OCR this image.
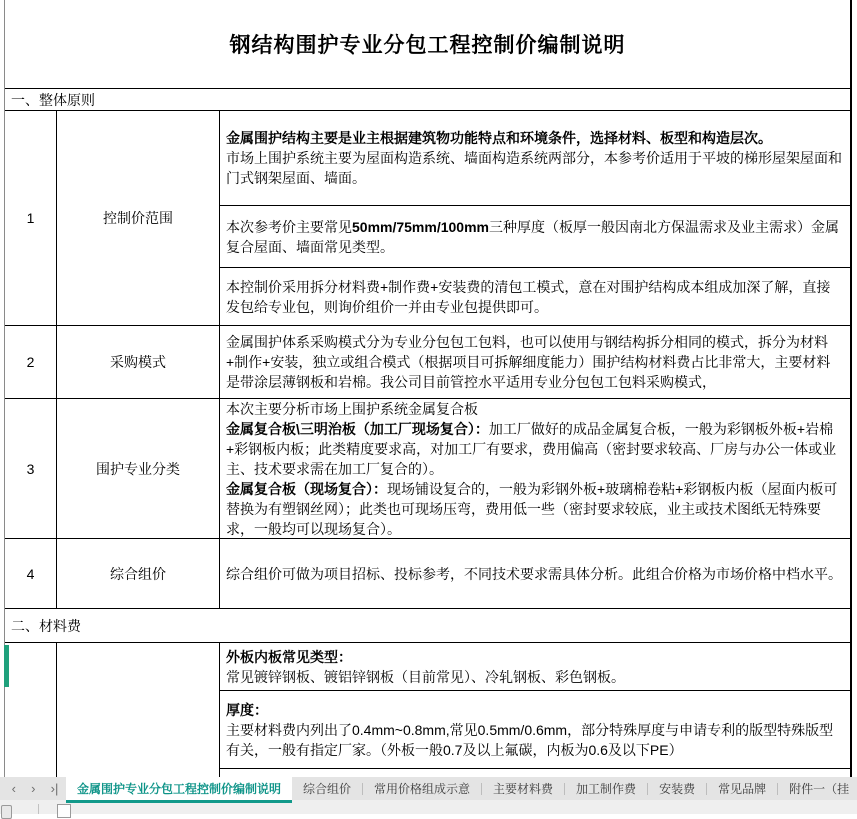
钢结构围护专业分包工程控制价编制说明
一、整体原则
1	控制价范围
金属围护结构主要是业主根据建筑物功能特点和环境条件，选择材料、板型和构造层次。
市场上围护系统主要为屋面构造系统、墙面构造系统两部分，本参考价适用于平坡的梯形屋架屋面和门式钢架屋面、墙面。
本次参考价主要常见50mm/75mm/100mm三种厚度（板厚一般因南北方保温需求及业主需求）金属复合屋面、墙面常见类型。
本控制价采用拆分材料费+制作费+安装费的清包工模式，意在对围护结构成本组成加深了解，直接发包给专业包，则询价组价一并由专业包提供即可。
2	采购模式
金属围护体系采购模式分为专业分包包工包料，也可以使用与钢结构拆分相同的模式，拆分为材料+制作+安装，独立或组合模式（根据项目可拆解细度能力）围护结构材料费占比非常大，主要材料是带涂层薄钢板和岩棉。我公司目前管控水平适用专业分包包工包料采购模式，
3	围护专业分类
本次主要分析市场上围护系统金属复合板
金属复合板\三明治板（加工厂现场复合）：加工厂做好的成品金属复合板，一般为彩钢板外板+岩棉+彩钢板内板；此类精度要求高，对加工厂有要求，费用偏高（密封要求较高、厂房与办公一体或业主、技术要求需在加工厂复合的）。
金属复合板（现场复合）：现场铺设复合的，一般为彩钢外板+玻璃棉卷粘+彩钢板内板（屋面内板可替换为有塑钢丝网）；此类也可现场压弯，费用低一些（密封要求较底，业主或技术图纸无特殊要求，一般均可以现场复合）。
4	综合组价	综合组价可做为项目招标、投标参考，不同技术要求需具体分析。此组合价格为市场价格中档水平。
二、材料费
外板内板常见类型：
常见镀锌钢板、镀铝锌钢板（目前常见）、冷轧钢板、彩色钢板。
厚度：
主要材料费内列出了0.4mm~0.8mm,常见0.5mm/0.6mm，部分特殊厚度与申请专利的版型特殊版型有关，一般有指定厂家。（外板一般0.7及以上氟碳，内板为0.6及以下PE）
‹ › ›|	金属围护专业分包工程控制价编制说明	综合组价	常用价格组成示意	主要材料费	加工制作费	安装费	常见品牌	附件一（挂
